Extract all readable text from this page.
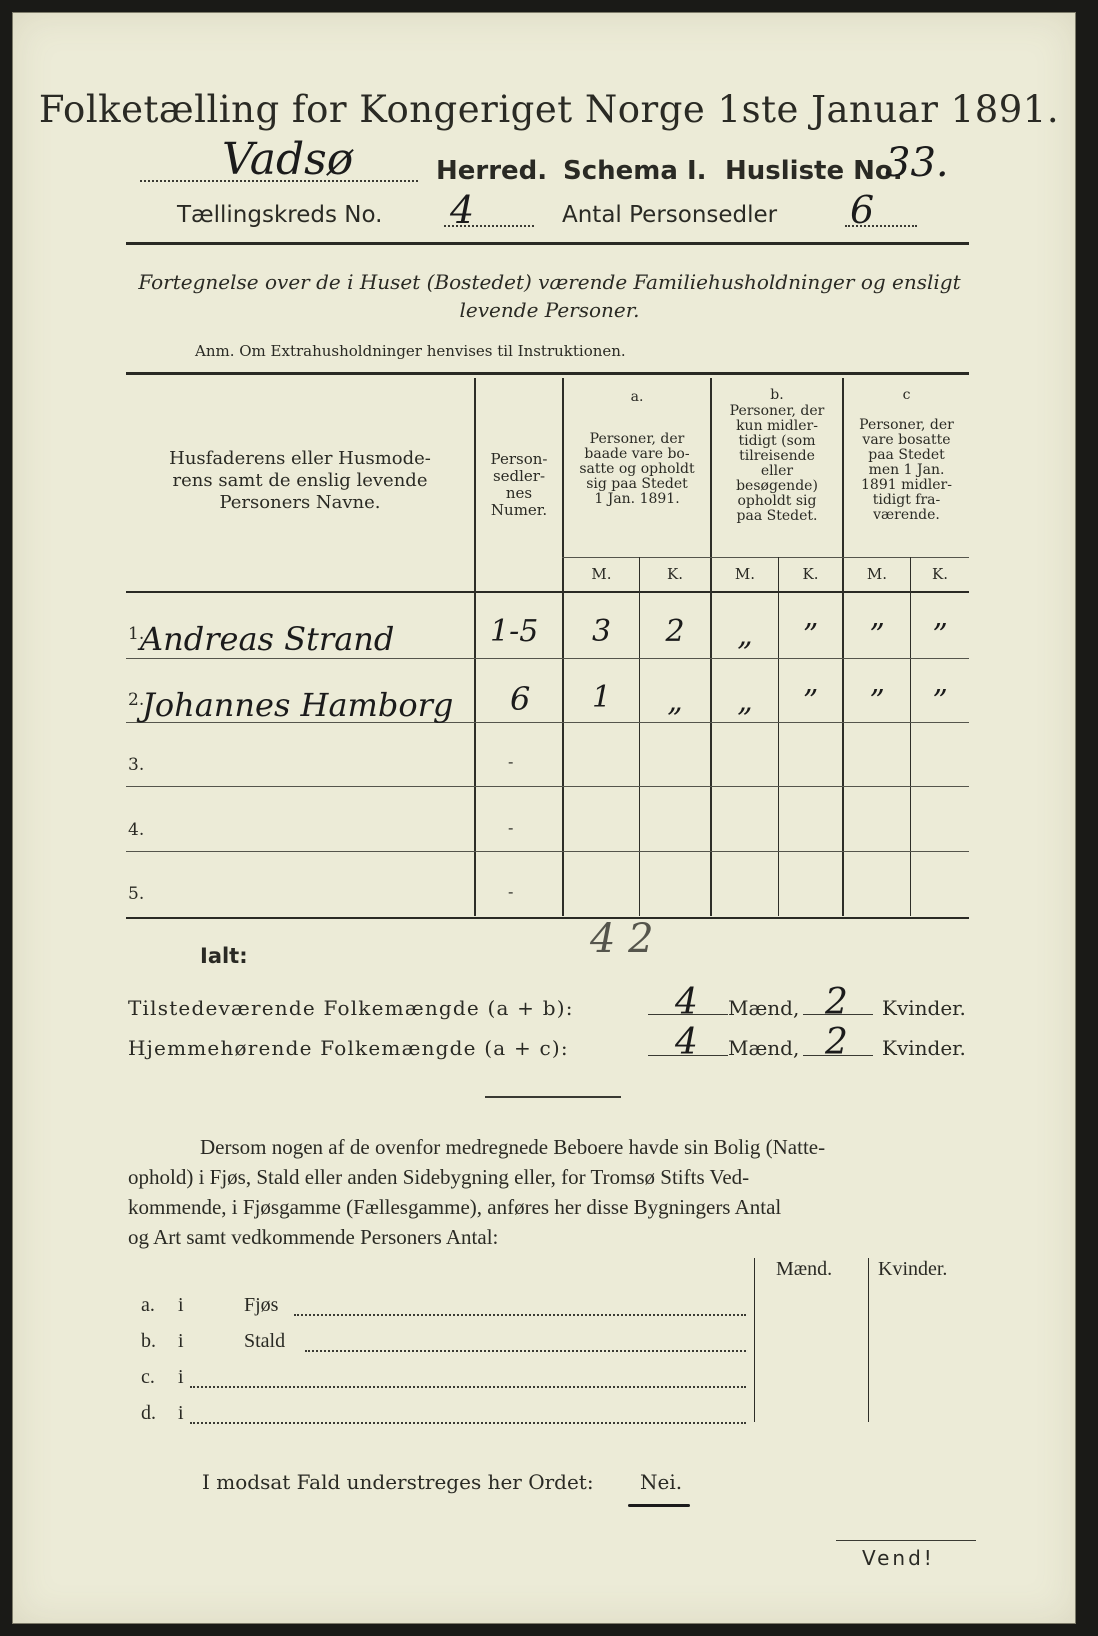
Folketælling for Kongeriget Norge 1ste Januar 1891.
Vadsø	Herred. Schema I. Husliste No.
33.
Tællingskreds No. 4	Antal Personsedler 6
Fortegnelse over de i Huset (Bostedet) værende Familiehusholdninger og ensligt
levende Personer.
Anm. Om Extrahusholdninger henvises til Instruktionen.
Husfaderens eller Husmode-
rens samt de enslig levende
Personers Navne.
Person-
sedler-
nes
Numer.
a.
Personer, der
baade vare bo-
satte og opholdt
sig paa Stedet
1 Jan. 1891.
b.
Personer, der
kun midler-
tidigt (som
tilreisende
eller
besøgende)
opholdt sig
paa Stedet.
c
Personer, der
vare bosatte
paa Stedet
men 1 Jan.
1891 midler-
tidigt fra-
værende.
M.	K.	M.	K.	M.	K.
1.
Andreas Strand	1-5	3	2	„	”	”	”
2.
Johannes Hamborg 6	1	„	„	”	”	”
3.	-
4.	-
5.	-
4 2
Ialt:
Tilstedeværende Folkemængde (a + b):	4 Mænd, 2 Kvinder.
Hjemmehørende Folkemængde (a + c):	4 Mænd, 2 Kvinder.
Dersom nogen af de ovenfor medregnede Beboere havde sin Bolig (Natte-
ophold) i Fjøs, Stald eller anden Sidebygning eller, for Tromsø Stifts Ved-
kommende, i Fjøsgamme (Fællesgamme), anføres her disse Bygningers Antal
og Art samt vedkommende Personers Antal:
Mænd. Kvinder.
a. i	Fjøs
b. i	Stald
c. i
d. i
I modsat Fald understreges her Ordet: Nei.
Vend!
